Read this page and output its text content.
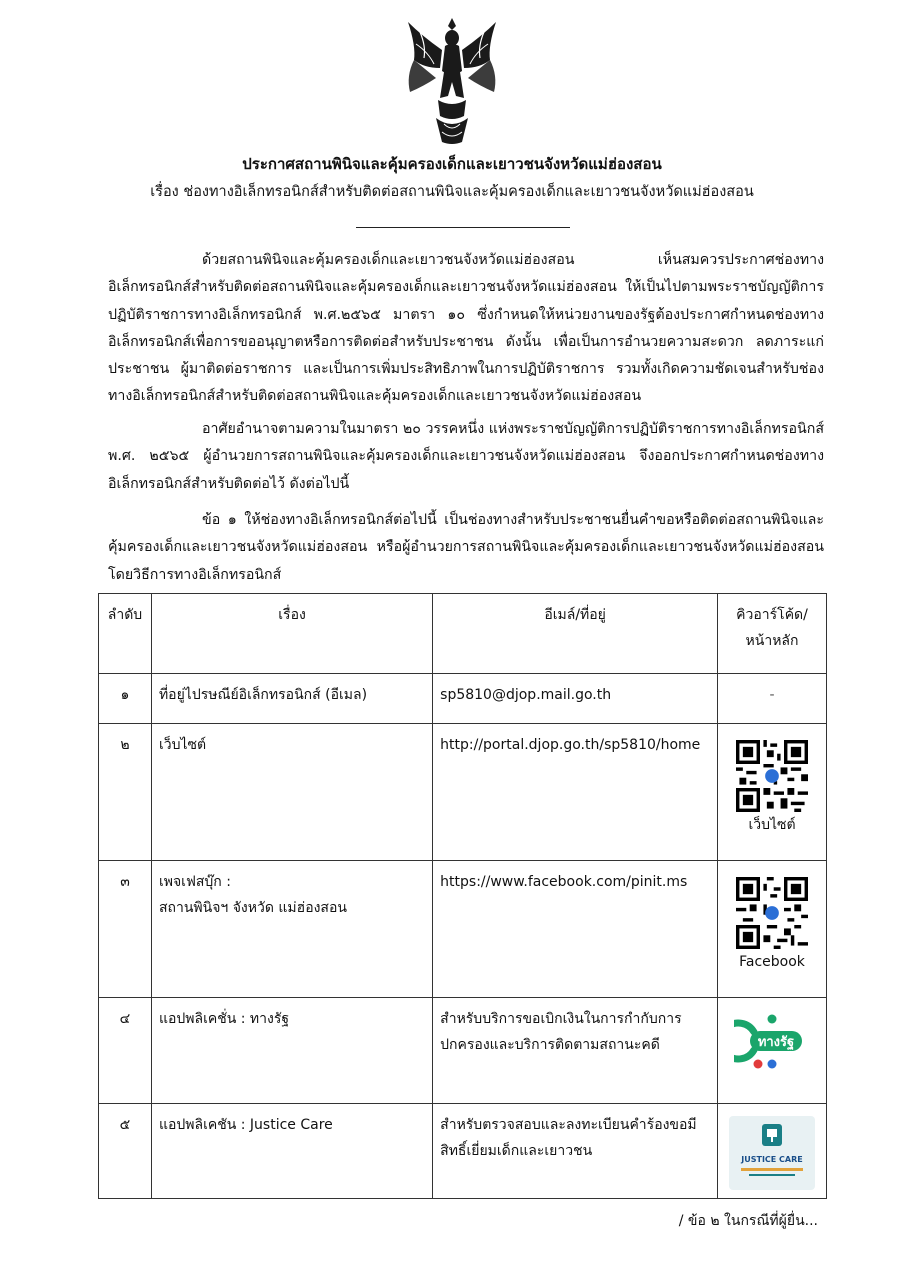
ประกาศสถานพินิจและคุ้มครองเด็กและเยาวชนจังหวัดแม่ฮ่องสอน
เรื่อง ช่องทางอิเล็กทรอนิกส์สำหรับติดต่อสถานพินิจและคุ้มครองเด็กและเยาวชนจังหวัดแม่ฮ่องสอน
ด้วยสถานพินิจและคุ้มครองเด็กและเยาวชนจังหวัดแม่ฮ่องสอน เห็นสมควรประกาศช่องทางอิเล็กทรอนิกส์สำหรับติดต่อสถานพินิจและคุ้มครองเด็กและเยาวชนจังหวัดแม่ฮ่องสอน ให้เป็นไปตามพระราชบัญญัติการปฏิบัติราชการทางอิเล็กทรอนิกส์ พ.ศ.๒๕๖๕ มาตรา ๑๐ ซึ่งกำหนดให้หน่วยงานของรัฐต้องประกาศกำหนดช่องทางอิเล็กทรอนิกส์เพื่อการขออนุญาตหรือการติดต่อสำหรับประชาชน ดังนั้น เพื่อเป็นการอำนวยความสะดวก ลดภาระแก่ประชาชน ผู้มาติดต่อราชการ และเป็นการเพิ่มประสิทธิภาพในการปฏิบัติราชการ รวมทั้งเกิดความชัดเจนสำหรับช่องทางอิเล็กทรอนิกส์สำหรับติดต่อสถานพินิจและคุ้มครองเด็กและเยาวชนจังหวัดแม่ฮ่องสอน
อาศัยอำนาจตามความในมาตรา ๒๐ วรรคหนึ่ง แห่งพระราชบัญญัติการปฏิบัติราชการทางอิเล็กทรอนิกส์ พ.ศ. ๒๕๖๕ ผู้อำนวยการสถานพินิจและคุ้มครองเด็กและเยาวชนจังหวัดแม่ฮ่องสอน จึงออกประกาศกำหนดช่องทางอิเล็กทรอนิกส์สำหรับติดต่อไว้ ดังต่อไปนี้
ข้อ ๑ ให้ช่องทางอิเล็กทรอนิกส์ต่อไปนี้ เป็นช่องทางสำหรับประชาชนยื่นคำขอหรือติดต่อสถานพินิจและคุ้มครองเด็กและเยาวชนจังหวัดแม่ฮ่องสอน หรือผู้อำนวยการสถานพินิจและคุ้มครองเด็กและเยาวชนจังหวัดแม่ฮ่องสอน โดยวิธีการทางอิเล็กทรอนิกส์
ลำดับ	เรื่อง	อีเมล์/ที่อยู่	คิวอาร์โค้ด/หน้าหลัก
๑	ที่อยู่ไปรษณีย์อิเล็กทรอนิกส์ (อีเมล)	sp5810@djop.mail.go.th	-
๒	เว็บไซต์	http://portal.djop.go.th/sp5810/home	เว็บไซต์

๓	เพจเฟสบุ๊ก :
สถานพินิจฯ จังหวัด แม่ฮ่องสอน	https://www.facebook.com/pinit.ms	Facebook

๔	แอปพลิเคชั่น : ทางรัฐ	สำหรับบริการขอเบิกเงินในการกำกับการปกครองและบริการติดตามสถานะคดี	ทางรัฐ

๕	แอปพลิเคชัน : Justice Care	สำหรับตรวจสอบและลงทะเบียนคำร้องขอมีสิทธิ์เยี่ยมเด็กและเยาวชน	JUSTICE CARE
/ ข้อ ๒ ในกรณีที่ผู้ยื่น...
